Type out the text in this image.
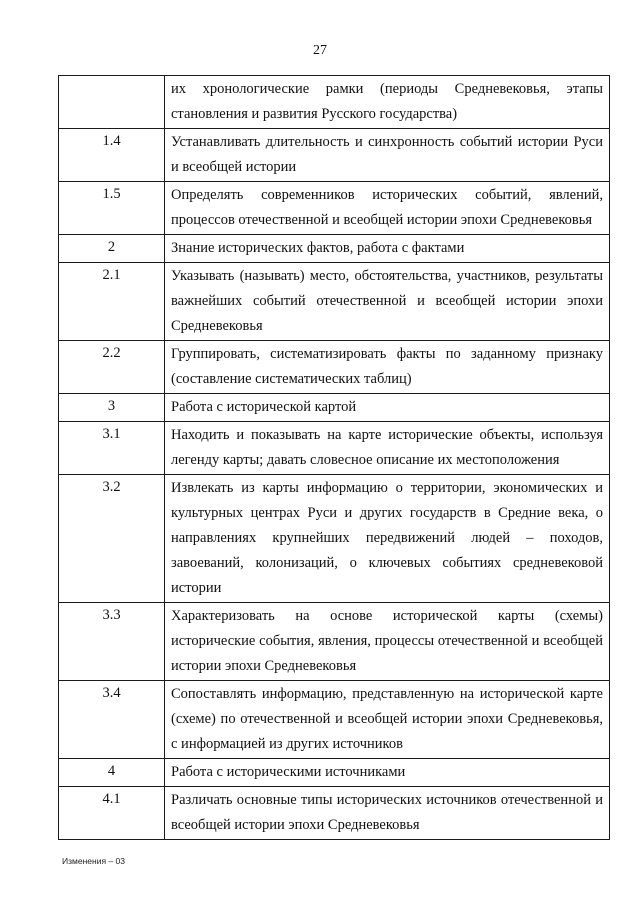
27
	их хронологические рамки (периоды Средневековья, этапы становления и развития Русского государства)
1.4	Устанавливать длительность и синхронность событий истории Руси и всеобщей истории
1.5	Определять современников исторических событий, явлений, процессов отечественной и всеобщей истории эпохи Средневековья
2	Знание исторических фактов, работа с фактами
2.1	Указывать (называть) место, обстоятельства, участников, результаты важнейших событий отечественной и всеобщей истории эпохи Средневековья
2.2	Группировать, систематизировать факты по заданному признаку (составление систематических таблиц)
3	Работа с исторической картой
3.1	Находить и показывать на карте исторические объекты, используя легенду карты; давать словесное описание их местоположения
3.2	Извлекать из карты информацию о территории, экономических и культурных центрах Руси и других государств в Средние века, о направлениях крупнейших передвижений людей – походов, завоеваний, колонизаций, о ключевых событиях средневековой истории
3.3	Характеризовать на основе исторической карты (схемы) исторические события, явления, процессы отечественной и всеобщей истории эпохи Средневековья
3.4	Сопоставлять информацию, представленную на исторической карте (схеме) по отечественной и всеобщей истории эпохи Средневековья, с информацией из других источников
4	Работа с историческими источниками
4.1	Различать основные типы исторических источников отечественной и всеобщей истории эпохи Средневековья
Изменения – 03
